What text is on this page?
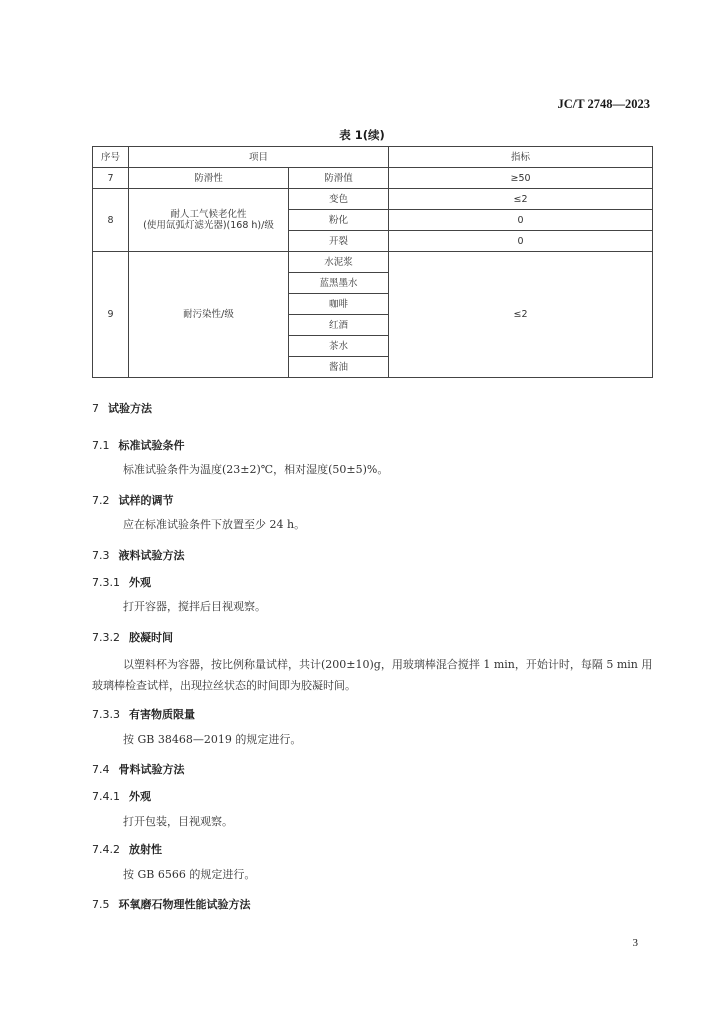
JC/T 2748—2023
表 1(续)
序号	项目		指标
7	防滑性	防滑值	≥50
8	耐人工气候老化性
(使用氙弧灯滤光器)(168 h)/级	变色	≤2
		粉化	0
		开裂	0
9	耐污染性/级	水泥浆	≤2
		蓝黑墨水	
		咖啡	
		红酒	
		茶水	
		酱油	
7 试验方法
7.1 标准试验条件
标准试验条件为温度(23±2)℃，相对湿度(50±5)%。
7.2 试样的调节
应在标准试验条件下放置至少 24 h。
7.3 液料试验方法
7.3.1 外观
打开容器，搅拌后目视观察。
7.3.2 胶凝时间
以塑料杯为容器，按比例称量试样，共计(200±10)g，用玻璃棒混合搅拌 1 min，开始计时，每隔 5 min 用玻璃棒检查试样，出现拉丝状态的时间即为胶凝时间。
7.3.3 有害物质限量
按 GB 38468—2019 的规定进行。
7.4 骨料试验方法
7.4.1 外观
打开包装，目视观察。
7.4.2 放射性
按 GB 6566 的规定进行。
7.5 环氧磨石物理性能试验方法
3
